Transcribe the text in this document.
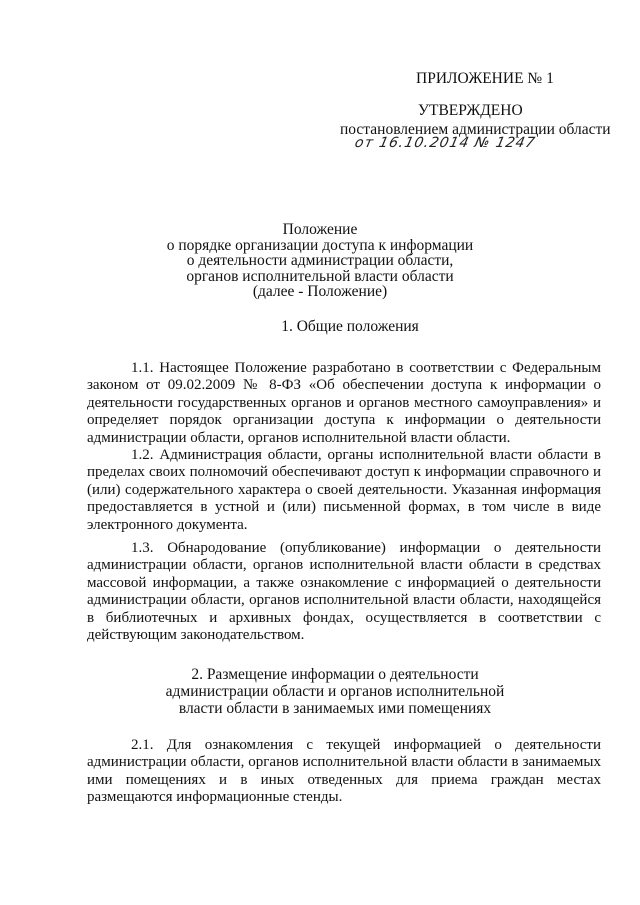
ПРИЛОЖЕНИЕ № 1
УТВЕРЖДЕНО
постановлением администрации области
от 16.10.2014 № 1247
Положение
о порядке организации доступа к информации
о деятельности администрации области,
органов исполнительной власти области
(далее - Положение)
1. Общие положения
1.1. Настоящее Положение разработано в соответствии с Федеральным законом от 09.02.2009 № 8-ФЗ «Об обеспечении доступа к информации о деятельности государственных органов и органов местного самоуправления» и определяет порядок организации доступа к информации о деятельности администрации области, органов исполнительной власти области.
1.2. Администрация области, органы исполнительной власти области в пределах своих полномочий обеспечивают доступ к информации справочного и (или) содержательного характера о своей деятельности. Указанная информация предоставляется в устной и (или) письменной формах, в том числе в виде электронного документа.
1.3. Обнародование (опубликование) информации о деятельности администрации области, органов исполнительной власти области в средствах массовой информации, а также ознакомление с информацией о деятельности администрации области, органов исполнительной власти области, находящейся в библиотечных и архивных фондах, осуществляется в соответствии с действующим законодательством.
2. Размещение информации о деятельности
администрации области и органов исполнительной
власти области в занимаемых ими помещениях
2.1. Для ознакомления с текущей информацией о деятельности администрации области, органов исполнительной власти области в занимаемых ими помещениях и в иных отведенных для приема граждан местах размещаются информационные стенды.
